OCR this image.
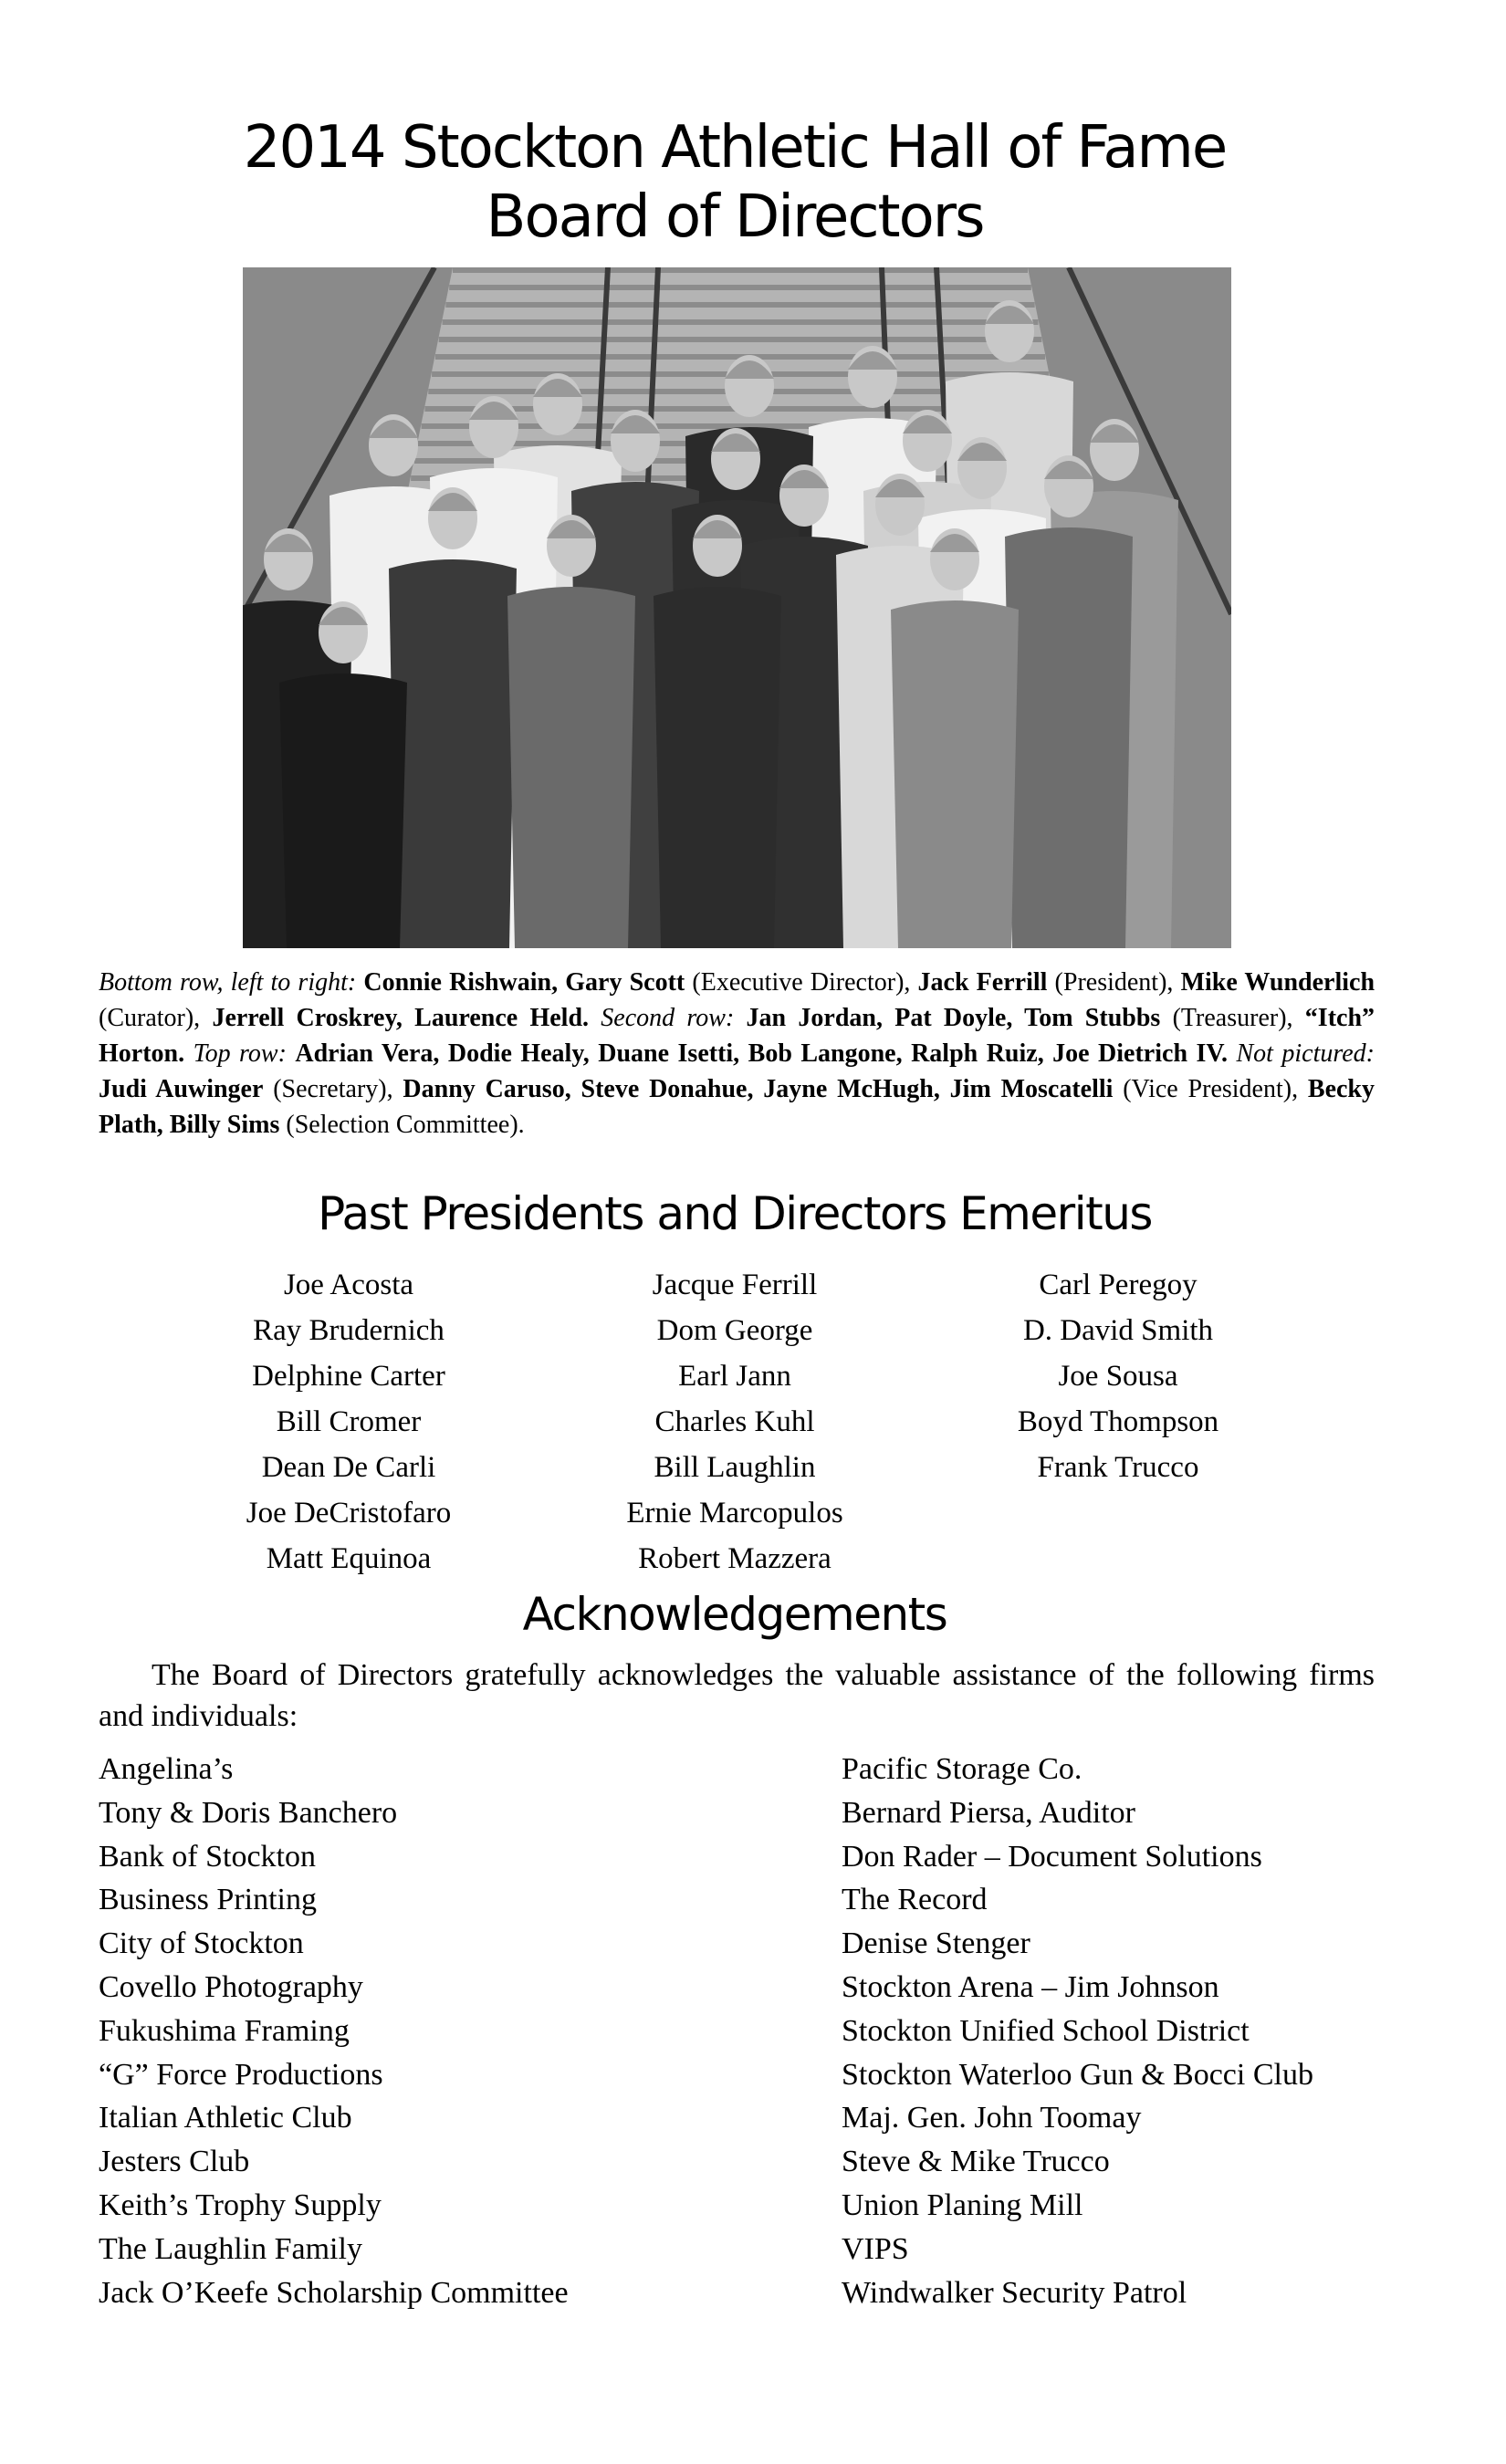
2014 Stockton Athletic Hall of Fame
Board of Directors

Bottom row, left to right: Connie Rishwain, Gary Scott (Executive Director), Jack Ferrill (President), Mike Wunderlich (Curator), Jerrell Croskrey, Laurence Held. Second row: Jan Jordan, Pat Doyle, Tom Stubbs (Treasurer), “Itch” Horton. Top row: Adrian Vera, Dodie Healy, Duane Isetti, Bob Langone, Ralph Ruiz, Joe Dietrich IV. Not pictured: Judi Auwinger (Secretary), Danny Caruso, Steve Donahue, Jayne McHugh, Jim Moscatelli (Vice President), Becky Plath, Billy Sims (Selection Committee).

Past Presidents and Directors Emeritus
Joe Acosta
Ray Brudernich
Delphine Carter
Bill Cromer
Dean De Carli
Joe DeCristofaro
Matt Equinoa
Jacque Ferrill
Dom George
Earl Jann
Charles Kuhl
Bill Laughlin
Ernie Marcopulos
Robert Mazzera
Carl Peregoy
D. David Smith
Joe Sousa
Boyd Thompson
Frank Trucco
Acknowledgements

The Board of Directors gratefully acknowledges the valuable assistance of the following firms and individuals:

Angelina’s
Tony & Doris Banchero
Bank of Stockton
Business Printing
City of Stockton
Covello Photography
Fukushima Framing
“G” Force Productions
Italian Athletic Club
Jesters Club
Keith’s Trophy Supply
The Laughlin Family
Jack O’Keefe Scholarship Committee
Pacific Storage Co.
Bernard Piersa, Auditor
Don Rader – Document Solutions
The Record
Denise Stenger
Stockton Arena – Jim Johnson
Stockton Unified School District
Stockton Waterloo Gun & Bocci Club
Maj. Gen. John Toomay
Steve & Mike Trucco
Union Planing Mill
VIPS
Windwalker Security Patrol
